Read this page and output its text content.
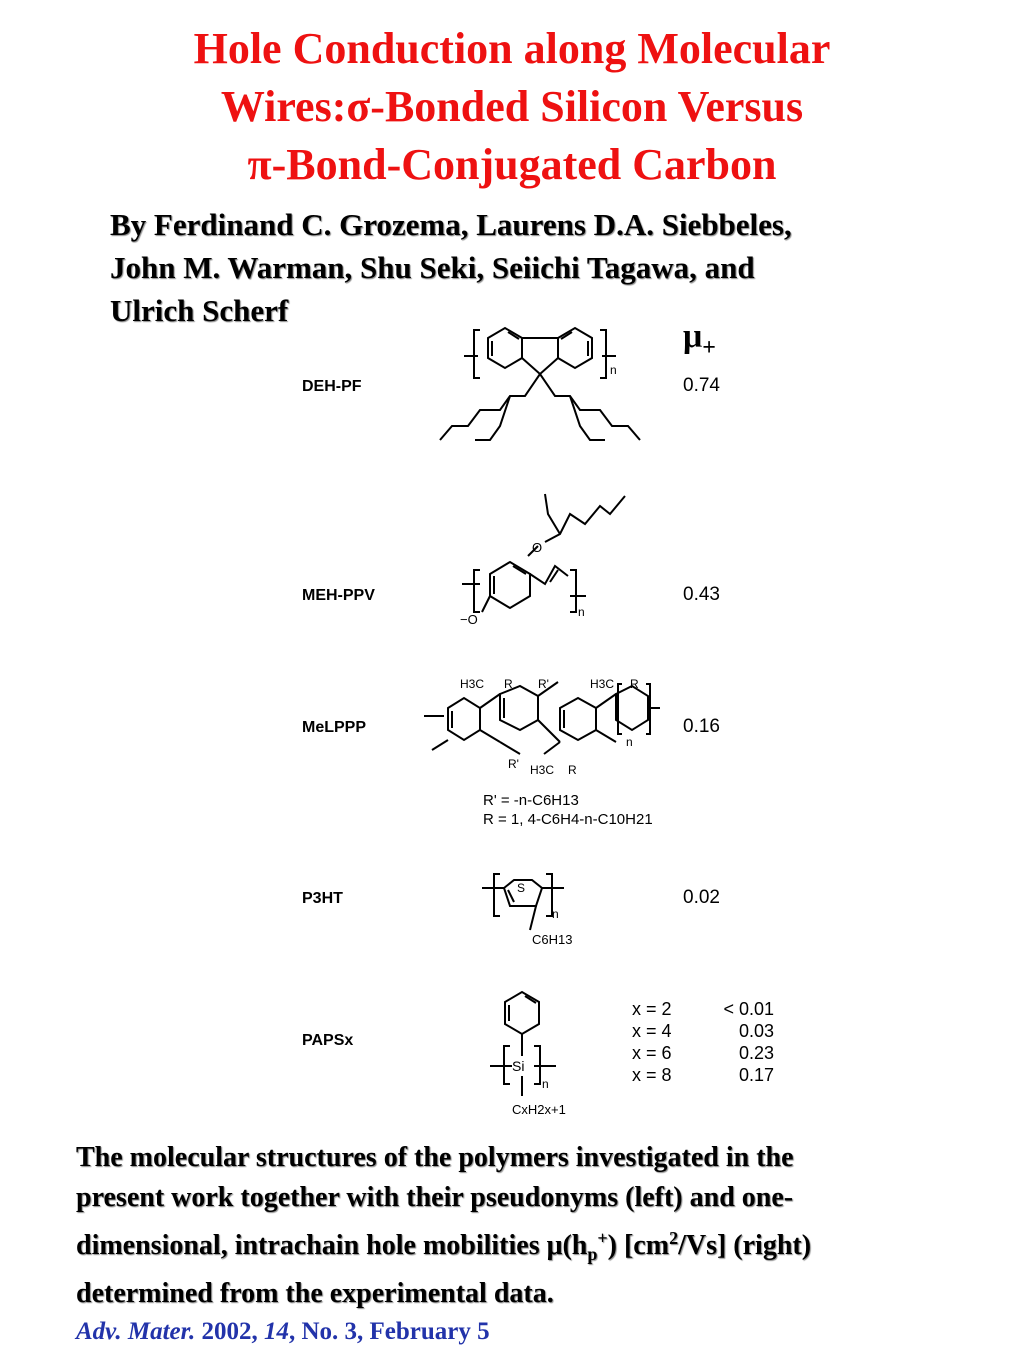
Hole Conduction along Molecular
Wires:σ-Bonded Silicon Versus
π-Bond-Conjugated Carbon
By Ferdinand C. Grozema, Laurens D.A. Siebbeles,
John M. Warman, Shu Seki, Seiichi Tagawa, and
Ulrich Scherf
$\mu_+$
DEH-PF	0.74
n
MEH-PPV	0.43
O
−O	n
MeLPPP	0.16
H3C R R'	H3C R
R' H3C R
n
R' = -n-C6H13
R = 1, 4-C6H4-n-C10H21
P3HT	0.02
S
n
C6H13
PAPSx
Si
n
CxH2x+1
x = 2	< 0.01
x = 4	0.03
x = 6	0.23
x = 8	0.17
The molecular structures of the polymers investigated in the
present work together with their pseudonyms (left) and one-
dimensional, intrachain hole mobilities $\mu(h_p^+)$ $[cm^2/Vs]$ (right)
determined from the experimental data.
Adv. Mater. 2002, 14, No. 3, February 5
